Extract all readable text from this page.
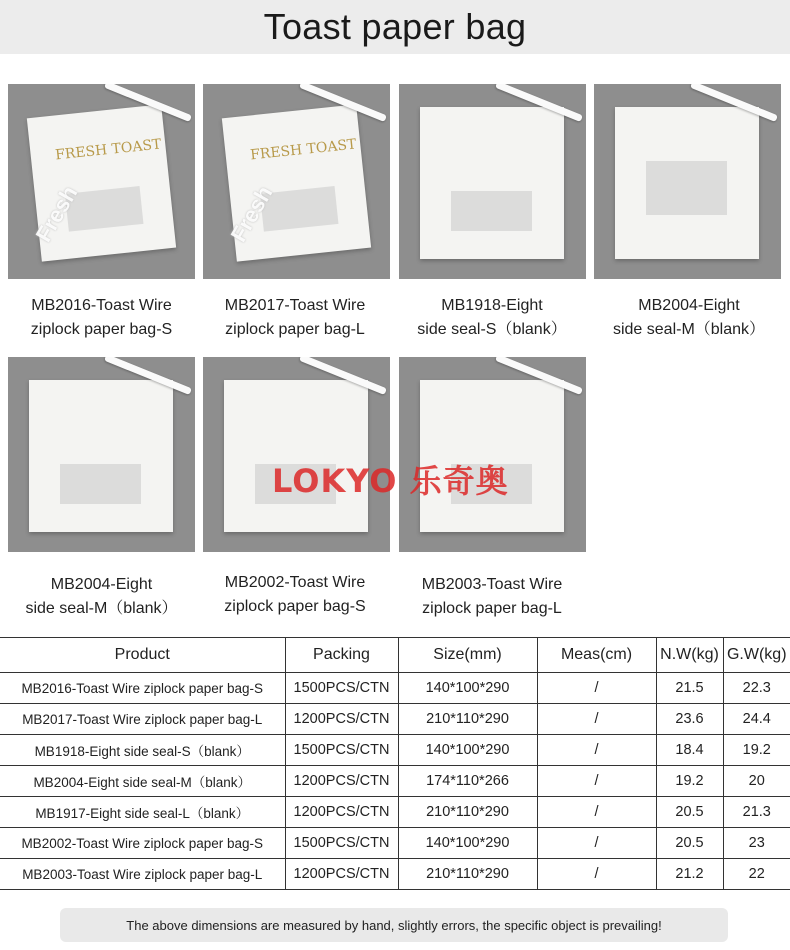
Toast paper bag
FRESH TOAST
Fresh
FRESH TOAST
Fresh
MB2016-Toast Wire
ziplock paper bag-S
MB2017-Toast Wire
ziplock paper bag-L
MB1918-Eight
side seal-S（blank）
MB2004-Eight
side seal-M（blank）
LOKYO 乐奇奥
MB2004-Eight
side seal-M（blank）
MB2002-Toast Wire
ziplock paper bag-S
MB2003-Toast Wire
ziplock paper bag-L
Product	Packing	Size(mm)	Meas(cm)	N.W(kg)	G.W(kg)
MB2016-Toast Wire ziplock paper bag-S	1500PCS/CTN	140*100*290	/	21.5	22.3
MB2017-Toast Wire ziplock paper bag-L	1200PCS/CTN	210*110*290	/	23.6	24.4
MB1918-Eight side seal-S（blank）	1500PCS/CTN	140*100*290	/	18.4	19.2
MB2004-Eight side seal-M（blank）	1200PCS/CTN	174*110*266	/	19.2	20
MB1917-Eight side seal-L（blank）	1200PCS/CTN	210*110*290	/	20.5	21.3
MB2002-Toast Wire ziplock paper bag-S	1500PCS/CTN	140*100*290	/	20.5	23
MB2003-Toast Wire ziplock paper bag-L	1200PCS/CTN	210*110*290	/	21.2	22
The above dimensions are measured by hand, slightly errors, the specific object is prevailing!
